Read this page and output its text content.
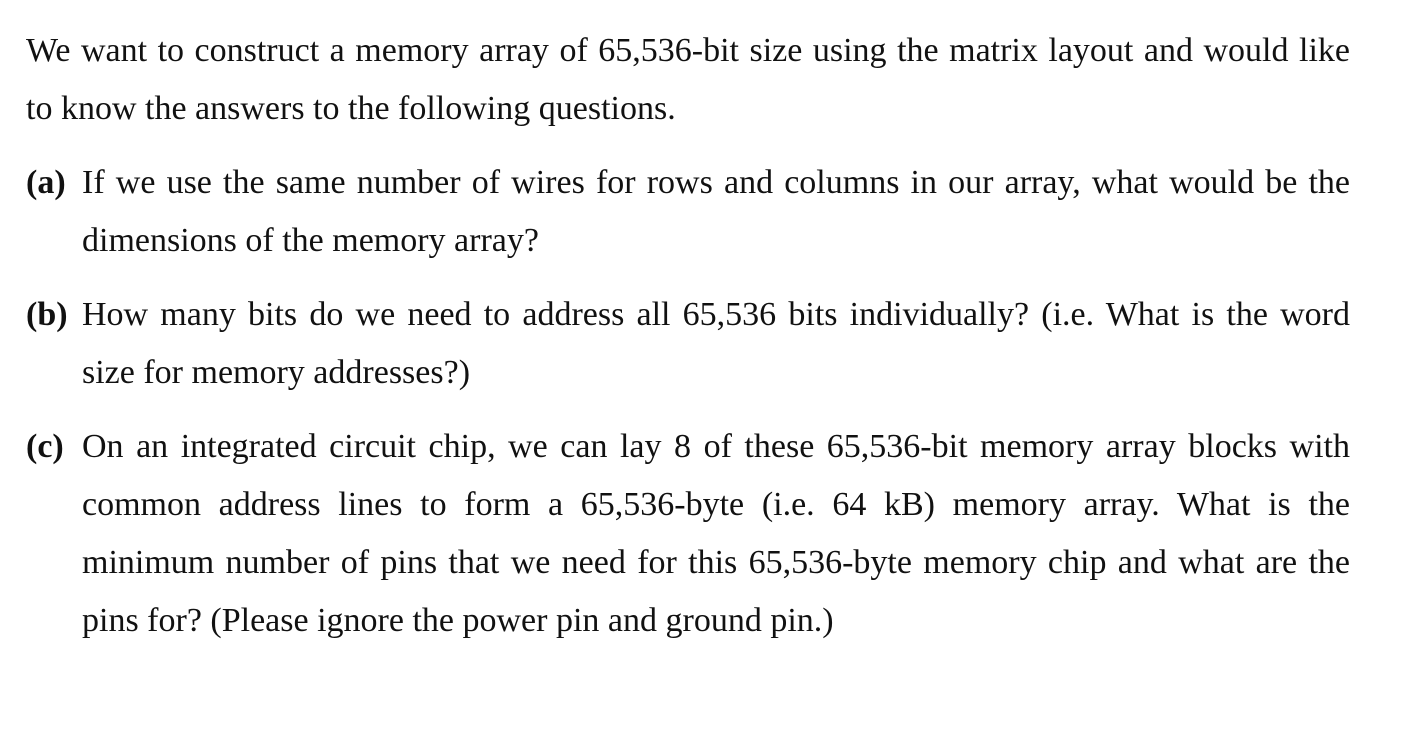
We want to construct a memory array of 65,536-bit size using the matrix layout and would like to know the answers to the following questions.

(a) If we use the same number of wires for rows and columns in our array, what would be the dimensions of the memory array?
(b) How many bits do we need to address all 65,536 bits individually? (i.e. What is the word size for memory addresses?)
(c) On an integrated circuit chip, we can lay 8 of these 65,536-bit memory array blocks with common address lines to form a 65,536-byte (i.e. 64 kB) memory array. What is the minimum number of pins that we need for this 65,536-byte memory chip and what are the pins for? (Please ignore the power pin and ground pin.)
